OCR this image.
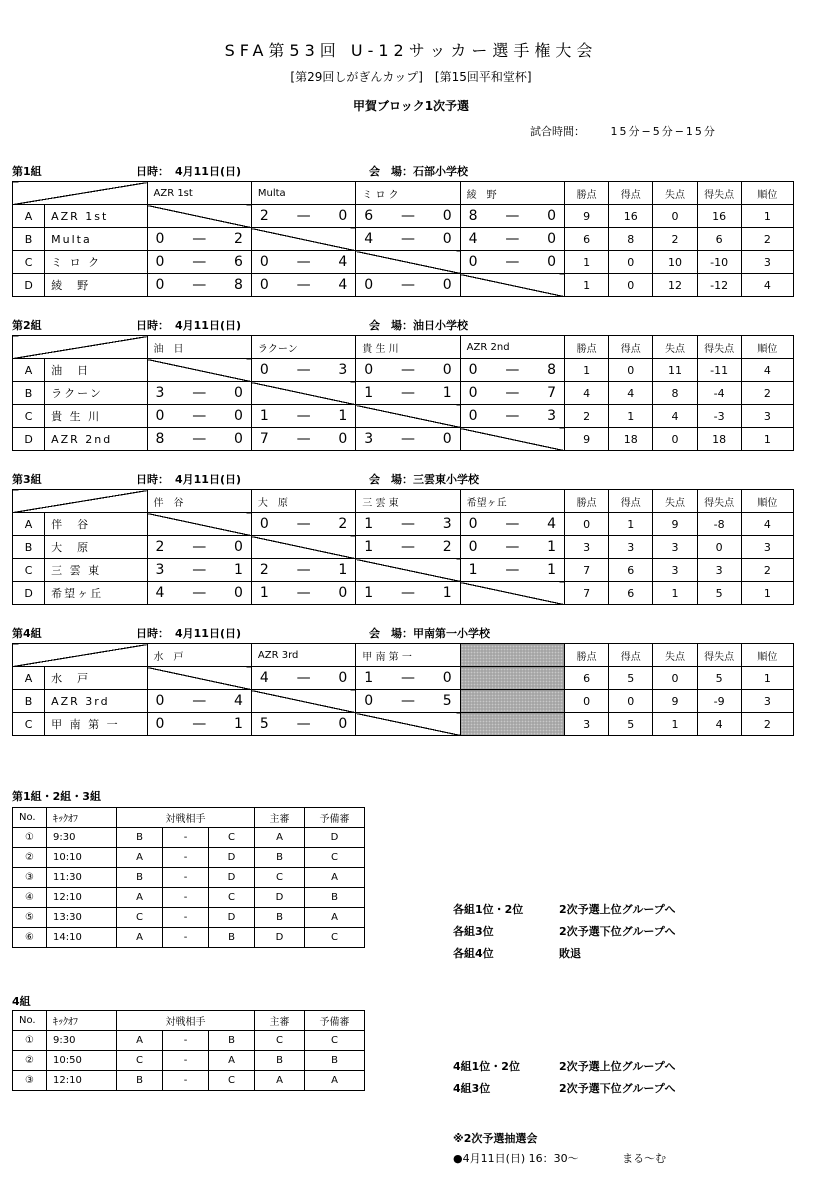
SFA第53回 U-12サッカー選手権大会
[第29回しがぎんカップ]　[第15回平和堂杯]
甲賀ブロック1次予選
試合時間： 15分−5分−15分
第1組	日時： 4月11日(日)	会　場：石部小学校
		AZR 1st	Multa	ミ ロ ク	綾　野	勝点	得点	失点	得失点	順位
A	AZR 1st		2 — 0	6 — 0	8 — 0	9	16	0	16	1
B	Multa	0 — 2		4 — 0	4 — 0	6	8	2	6	2
C	ミ ロ ク	0 — 6	0 — 4		0 — 0	1	0	10	-10	3
D	綾　野	0 — 8	0 — 4	0 — 0		1	0	12	-12	4
第2組	日時： 4月11日(日)	会　場：油日小学校
		油　日	ラクーン	貴 生 川	AZR 2nd	勝点	得点	失点	得失点	順位
A	油　日		0 — 3	0 — 0	0 — 8	1	0	11	-11	4
B	ラクーン	3 — 0		1 — 1	0 — 7	4	4	8	-4	2
C	貴 生 川	0 — 0	1 — 1		0 — 3	2	1	4	-3	3
D	AZR 2nd	8 — 0	7 — 0	3 — 0		9	18	0	18	1
第3組	日時： 4月11日(日)	会　場：三雲東小学校
		伴　谷	大　原	三 雲 東	希望ヶ丘	勝点	得点	失点	得失点	順位
A	伴　谷		0 — 2	1 — 3	0 — 4	0	1	9	-8	4
B	大　原	2 — 0		1 — 2	0 — 1	3	3	3	0	3
C	三 雲 東	3 — 1	2 — 1		1 — 1	7	6	3	3	2
D	希望ヶ丘	4 — 0	1 — 0	1 — 1		7	6	1	5	1
第4組	日時： 4月11日(日)	会　場：甲南第一小学校
		水　戸	AZR 3rd	甲 南 第 一		勝点	得点	失点	得失点	順位
A	水　戸		4 — 0	1 — 0		6	5	0	5	1
B	AZR 3rd	0 — 4		0 — 5		0	0	9	-9	3
C	甲 南 第 一	0 — 1	5 — 0			3	5	1	4	2
第1組・2組・3組
No.	ｷｯｸｵﾌ	対戦相手			主審	予備審
①	9:30	B	-	C	A	D
②	10:10	A	-	D	B	C
③	11:30	B	-	D	C	A
④	12:10	A	-	C	D	B
⑤	13:30	C	-	D	B	A
⑥	14:10	A	-	B	D	C
各組1位・2位	2次予選上位グループへ
各組3位	2次予選下位グループへ
各組4位	敗退
4組
No.	ｷｯｸｵﾌ	対戦相手			主審	予備審
①	9:30	A	-	B	C	C
②	10:50	C	-	A	B	B
③	12:10	B	-	C	A	A
4組1位・2位	2次予選上位グループへ
4組3位	2次予選下位グループへ
※2次予選抽選会
●4月11日(日) 16：30〜	まる〜む
